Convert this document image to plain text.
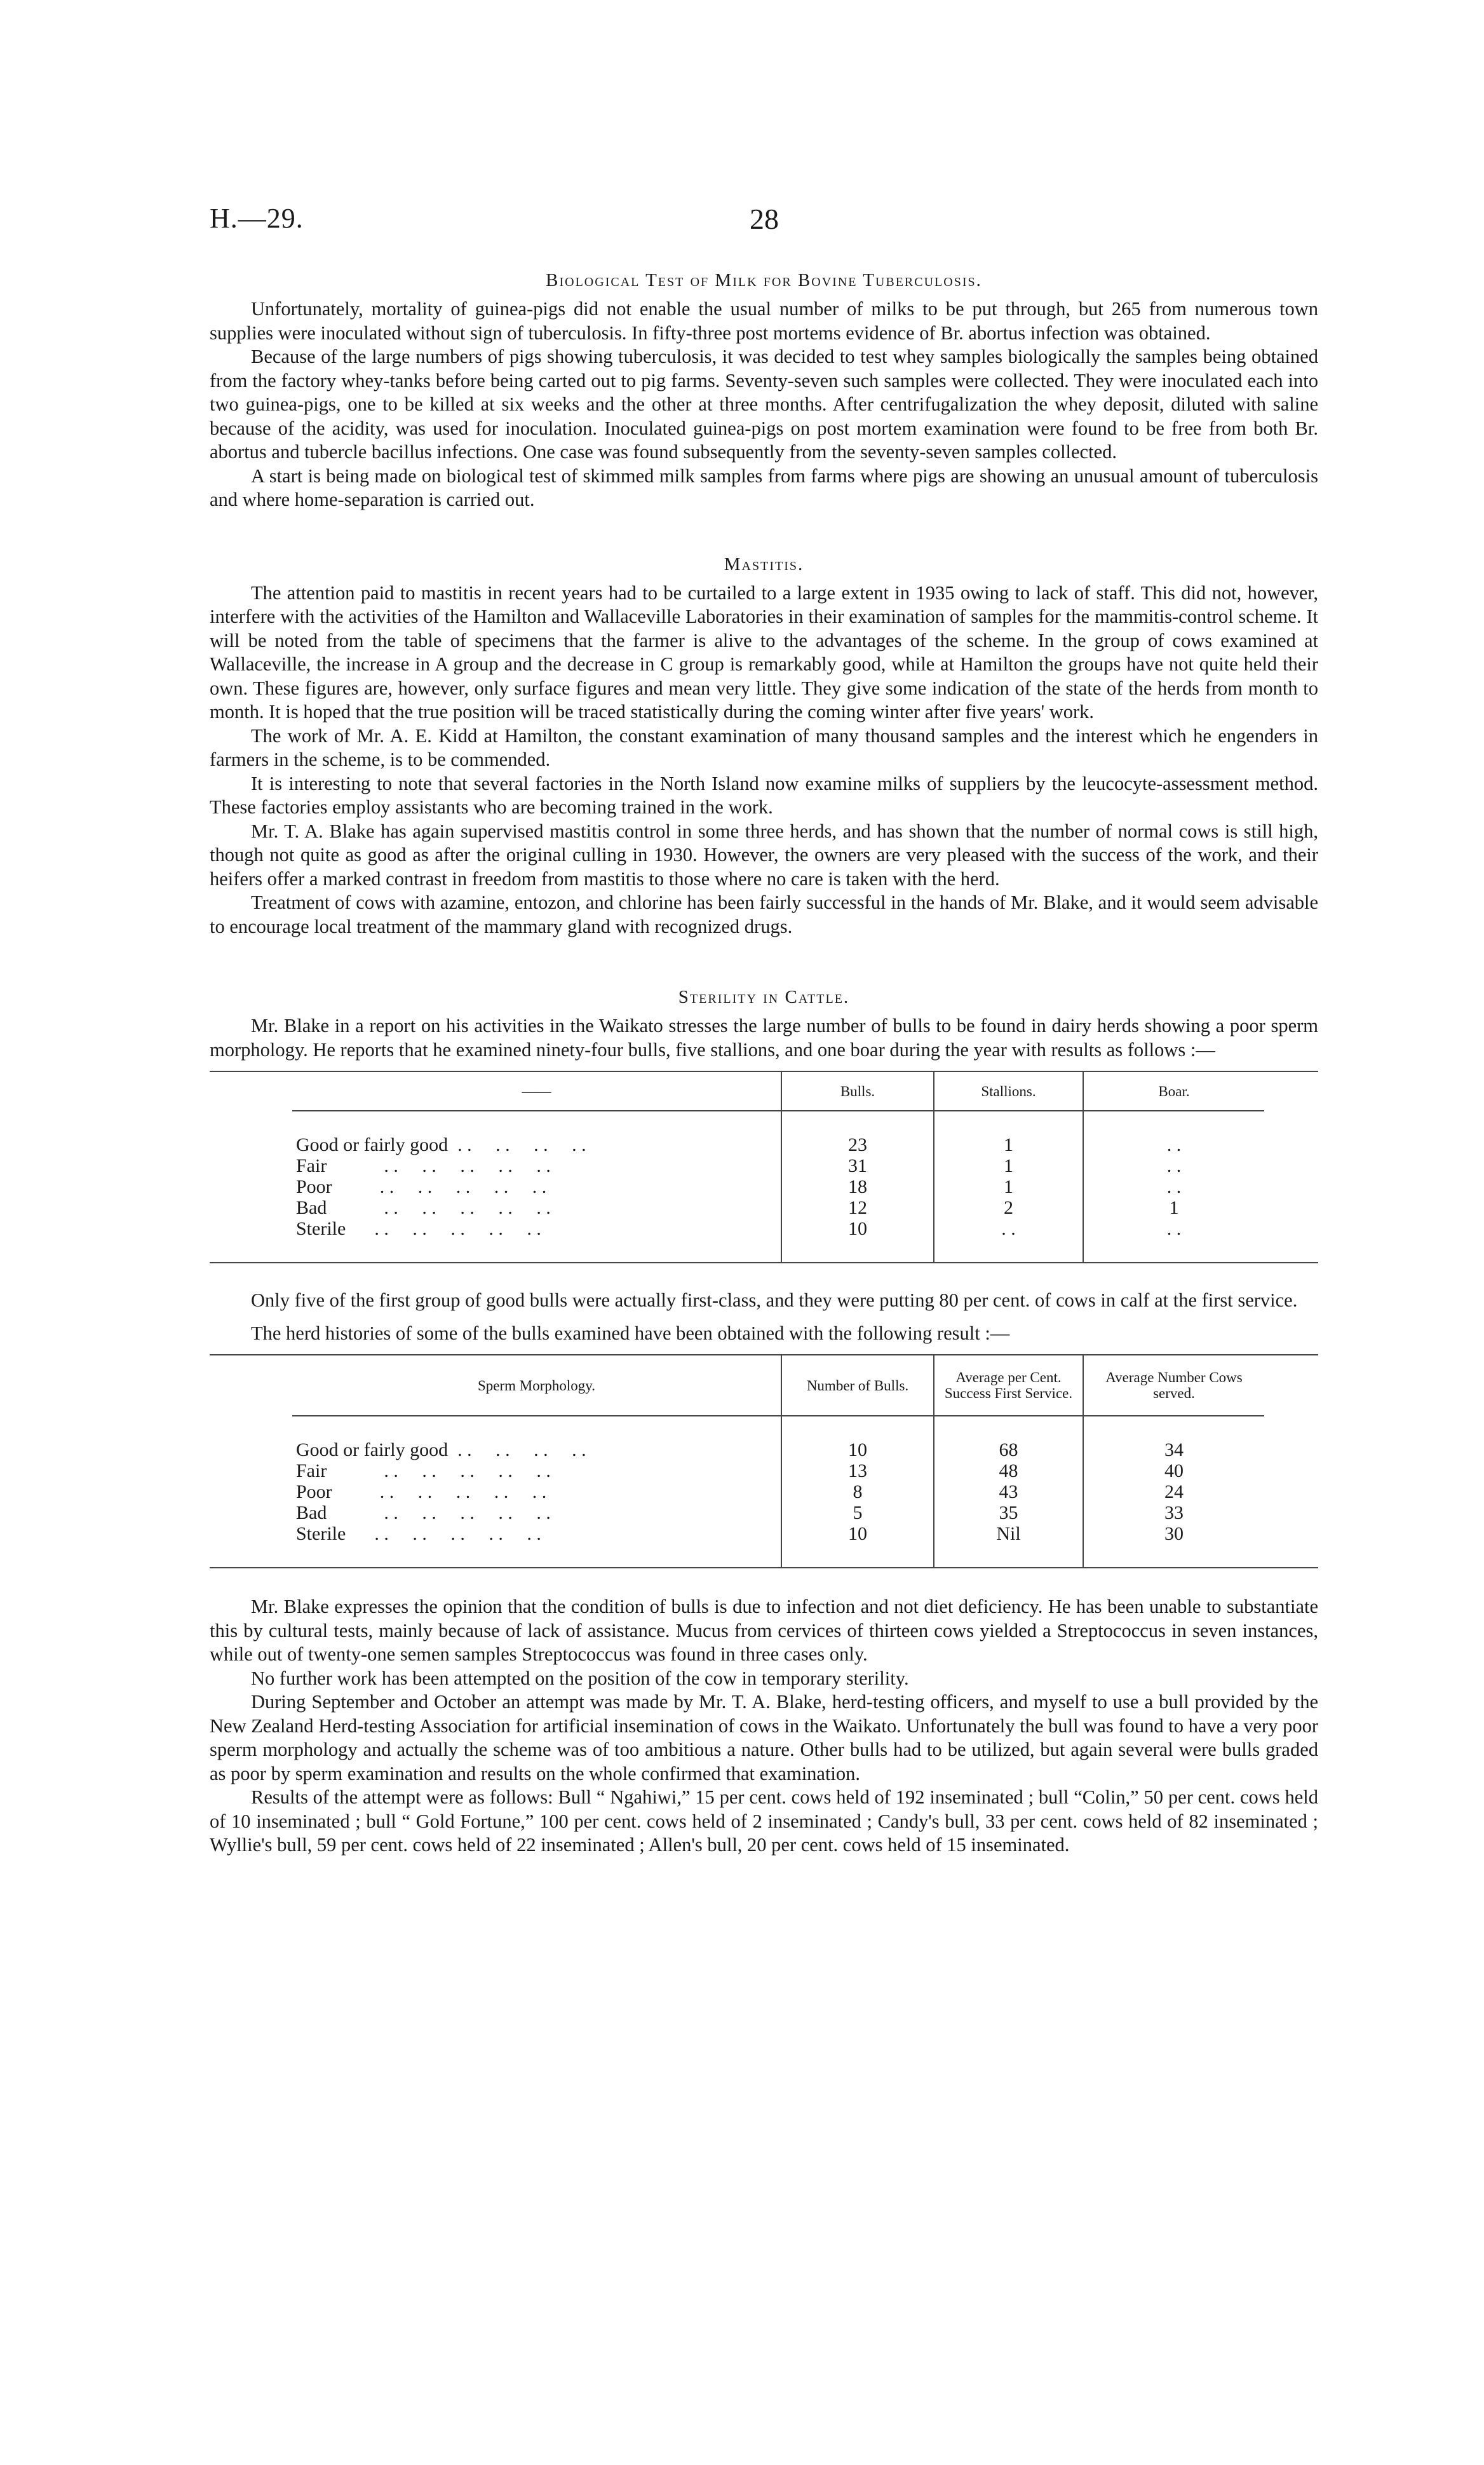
H.—29.	28
Biological Test of Milk for Bovine Tuberculosis.

Unfortunately, mortality of guinea-pigs did not enable the usual number of milks to be put through, but 265 from numerous town supplies were inoculated without sign of tuberculosis. In fifty-three post mortems evidence of Br. abortus infection was obtained.

Because of the large numbers of pigs showing tuberculosis, it was decided to test whey samples biologically the samples being obtained from the factory whey-tanks before being carted out to pig farms. Seventy-seven such samples were collected. They were inoculated each into two guinea-pigs, one to be killed at six weeks and the other at three months. After centrifugalization the whey deposit, diluted with saline because of the acidity, was used for inoculation. Inoculated guinea-pigs on post mortem examination were found to be free from both Br. abortus and tubercle bacillus infections. One case was found subsequently from the seventy-seven samples collected.

A start is being made on biological test of skimmed milk samples from farms where pigs are showing an unusual amount of tuberculosis and where home-separation is carried out.

Mastitis.

The attention paid to mastitis in recent years had to be curtailed to a large extent in 1935 owing to lack of staff. This did not, however, interfere with the activities of the Hamilton and Wallaceville Laboratories in their examination of samples for the mammitis-control scheme. It will be noted from the table of specimens that the farmer is alive to the advantages of the scheme. In the group of cows examined at Wallaceville, the increase in A group and the decrease in C group is remarkably good, while at Hamilton the groups have not quite held their own. These figures are, however, only surface figures and mean very little. They give some indication of the state of the herds from month to month. It is hoped that the true position will be traced statistically during the coming winter after five years' work.

The work of Mr. A. E. Kidd at Hamilton, the constant examination of many thousand samples and the interest which he engenders in farmers in the scheme, is to be commended.

It is interesting to note that several factories in the North Island now examine milks of suppliers by the leucocyte-assessment method. These factories employ assistants who are becoming trained in the work.

Mr. T. A. Blake has again supervised mastitis control in some three herds, and has shown that the number of normal cows is still high, though not quite as good as after the original culling in 1930. However, the owners are very pleased with the success of the work, and their heifers offer a marked contrast in freedom from mastitis to those where no care is taken with the herd.

Treatment of cows with azamine, entozon, and chlorine has been fairly successful in the hands of Mr. Blake, and it would seem advisable to encourage local treatment of the mammary gland with recognized drugs.

Sterility in Cattle.

Mr. Blake in a report on his activities in the Waikato stresses the large number of bulls to be found in dairy herds showing a poor sperm morphology. He reports that he examined ninety-four bulls, five stallions, and one boar during the year with results as follows :—

——	Bulls.	Stallions.	Boar.

Good or fairly good  . .     . .     . .     . .	23	1	. .
Fair            . .     . .     . .     . .     . .	31	1	. .
Poor          . .     . .     . .     . .     . .	18	1	. .
Bad            . .     . .     . .     . .     . .	12	2	1
Sterile      . .     . .     . .     . .     . .	10	. .	. .

Only five of the first group of good bulls were actually first-class, and they were putting 80 per cent. of cows in calf at the first service.

The herd histories of some of the bulls examined have been obtained with the following result :—

Sperm Morphology.	Number of Bulls.	Average per Cent. Success First Service.	Average Number Cows served.

Good or fairly good  . .     . .     . .     . .	10	68	34
Fair            . .     . .     . .     . .     . .	13	48	40
Poor          . .     . .     . .     . .     . .	8	43	24
Bad            . .     . .     . .     . .     . .	5	35	33
Sterile      . .     . .     . .     . .     . .	10	Nil	30

Mr. Blake expresses the opinion that the condition of bulls is due to infection and not diet deficiency. He has been unable to substantiate this by cultural tests, mainly because of lack of assistance. Mucus from cervices of thirteen cows yielded a Streptococcus in seven instances, while out of twenty-one semen samples Streptococcus was found in three cases only.

No further work has been attempted on the position of the cow in temporary sterility.

During September and October an attempt was made by Mr. T. A. Blake, herd-testing officers, and myself to use a bull provided by the New Zealand Herd-testing Association for artificial insemination of cows in the Waikato. Unfortunately the bull was found to have a very poor sperm morphology and actually the scheme was of too ambitious a nature. Other bulls had to be utilized, but again several were bulls graded as poor by sperm examination and results on the whole confirmed that examination.

Results of the attempt were as follows: Bull “ Ngahiwi,” 15 per cent. cows held of 192 inseminated ; bull “Colin,” 50 per cent. cows held of 10 inseminated ; bull “ Gold Fortune,” 100 per cent. cows held of 2 inseminated ; Candy's bull, 33 per cent. cows held of 82 inseminated ; Wyllie's bull, 59 per cent. cows held of 22 inseminated ; Allen's bull, 20 per cent. cows held of 15 inseminated.
